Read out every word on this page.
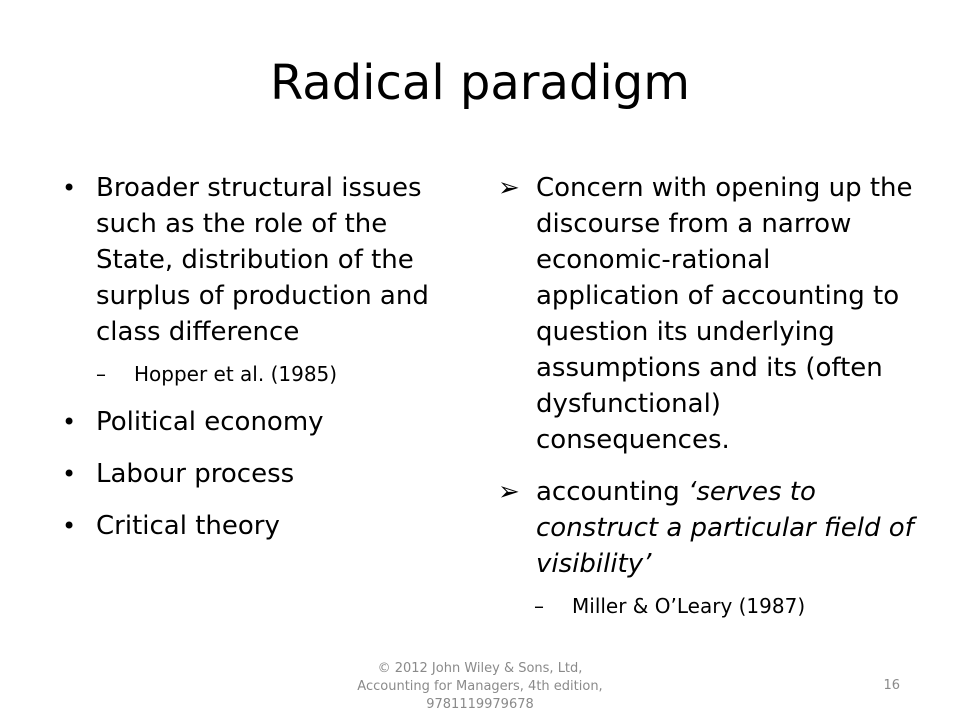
Radical paradigm
• Broader structural issues such as the role of the State, distribution of the surplus of production and class difference
–	Hopper et al. (1985)
• Political economy
• Labour process
• Critical theory
➢ Concern with opening up the discourse from a narrow economic-rational application of accounting to question its underlying assumptions and its (often dysfunctional) consequences.
➢ accounting ‘serves to construct a particular field of visibility’
–	Miller & O’Leary (1987)
© 2012 John Wiley & Sons, Ltd,
Accounting for Managers, 4th edition,
9781119979678
16
